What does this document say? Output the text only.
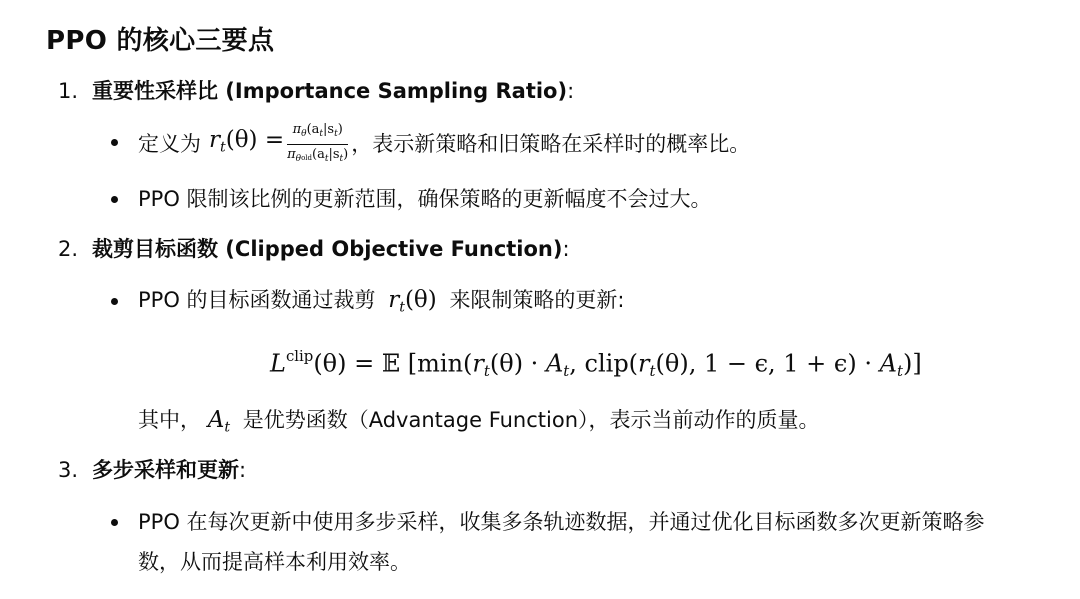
PPO 的核心三要点
1. 重要性采样比 (Importance Sampling Ratio):
定义为 $r_t(\theta) = \frac{\pi_\theta(a_t|s_t)}{\pi_\theta old(a_t|s_t)}$ ，表示新策略和旧策略在采样时的概率比。
PPO 限制该比例的更新范围，确保策略的更新幅度不会过大。
2. 裁剪目标函数 (Clipped Objective Function):
PPO 的目标函数通过裁剪 $r_t(\theta)$ 来限制策略的更新:
$L^{clip}(\theta)$ = 𝔼 [$\min(r_t(\theta) \cdot A_t$, $clip(r_t(\theta)$, 1 − ϵ, $1 + \epsilon) \cdot A_t$)]
其中， $A_t$ 是优势函数（Advantage Function），表示当前动作的质量。
3. 多步采样和更新:
PPO 在每次更新中使用多步采样，收集多条轨迹数据，并通过优化目标函数多次更新策略参
数，从而提高样本利用效率。
